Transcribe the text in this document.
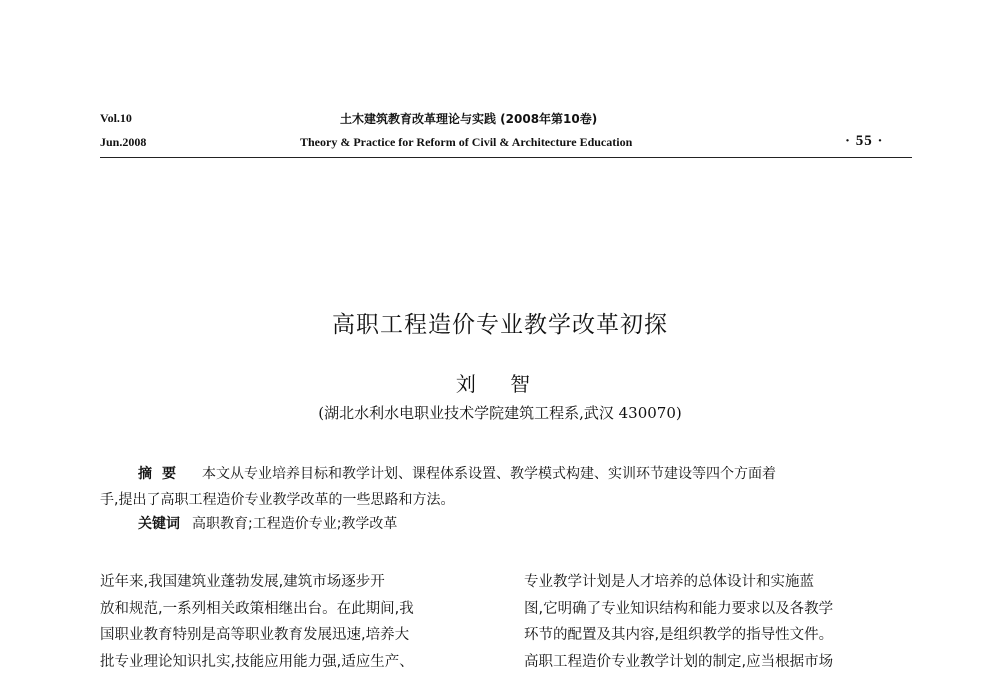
Vol.10
Jun.2008
土木建筑教育改革理论与实践 (2008年第10卷)
Theory & Practice for Reform of Civil & Architecture Education	· 55 ·
高职工程造价专业教学改革初探
刘 智
(湖北水利水电职业技术学院建筑工程系,武汉 430070)
摘要 本文从专业培养目标和教学计划、课程体系设置、教学模式构建、实训环节建设等四个方面着
手,提出了高职工程造价专业教学改革的一些思路和方法。
关键词 高职教育;工程造价专业;教学改革
近年来,我国建筑业蓬勃发展,建筑市场逐步开
放和规范,一系列相关政策相继出台。在此期间,我
国职业教育特别是高等职业教育发展迅速,培养大
批专业理论知识扎实,技能应用能力强,适应生产、
专业教学计划是人才培养的总体设计和实施蓝
图,它明确了专业知识结构和能力要求以及各教学
环节的配置及其内容,是组织教学的指导性文件。
高职工程造价专业教学计划的制定,应当根据市场
